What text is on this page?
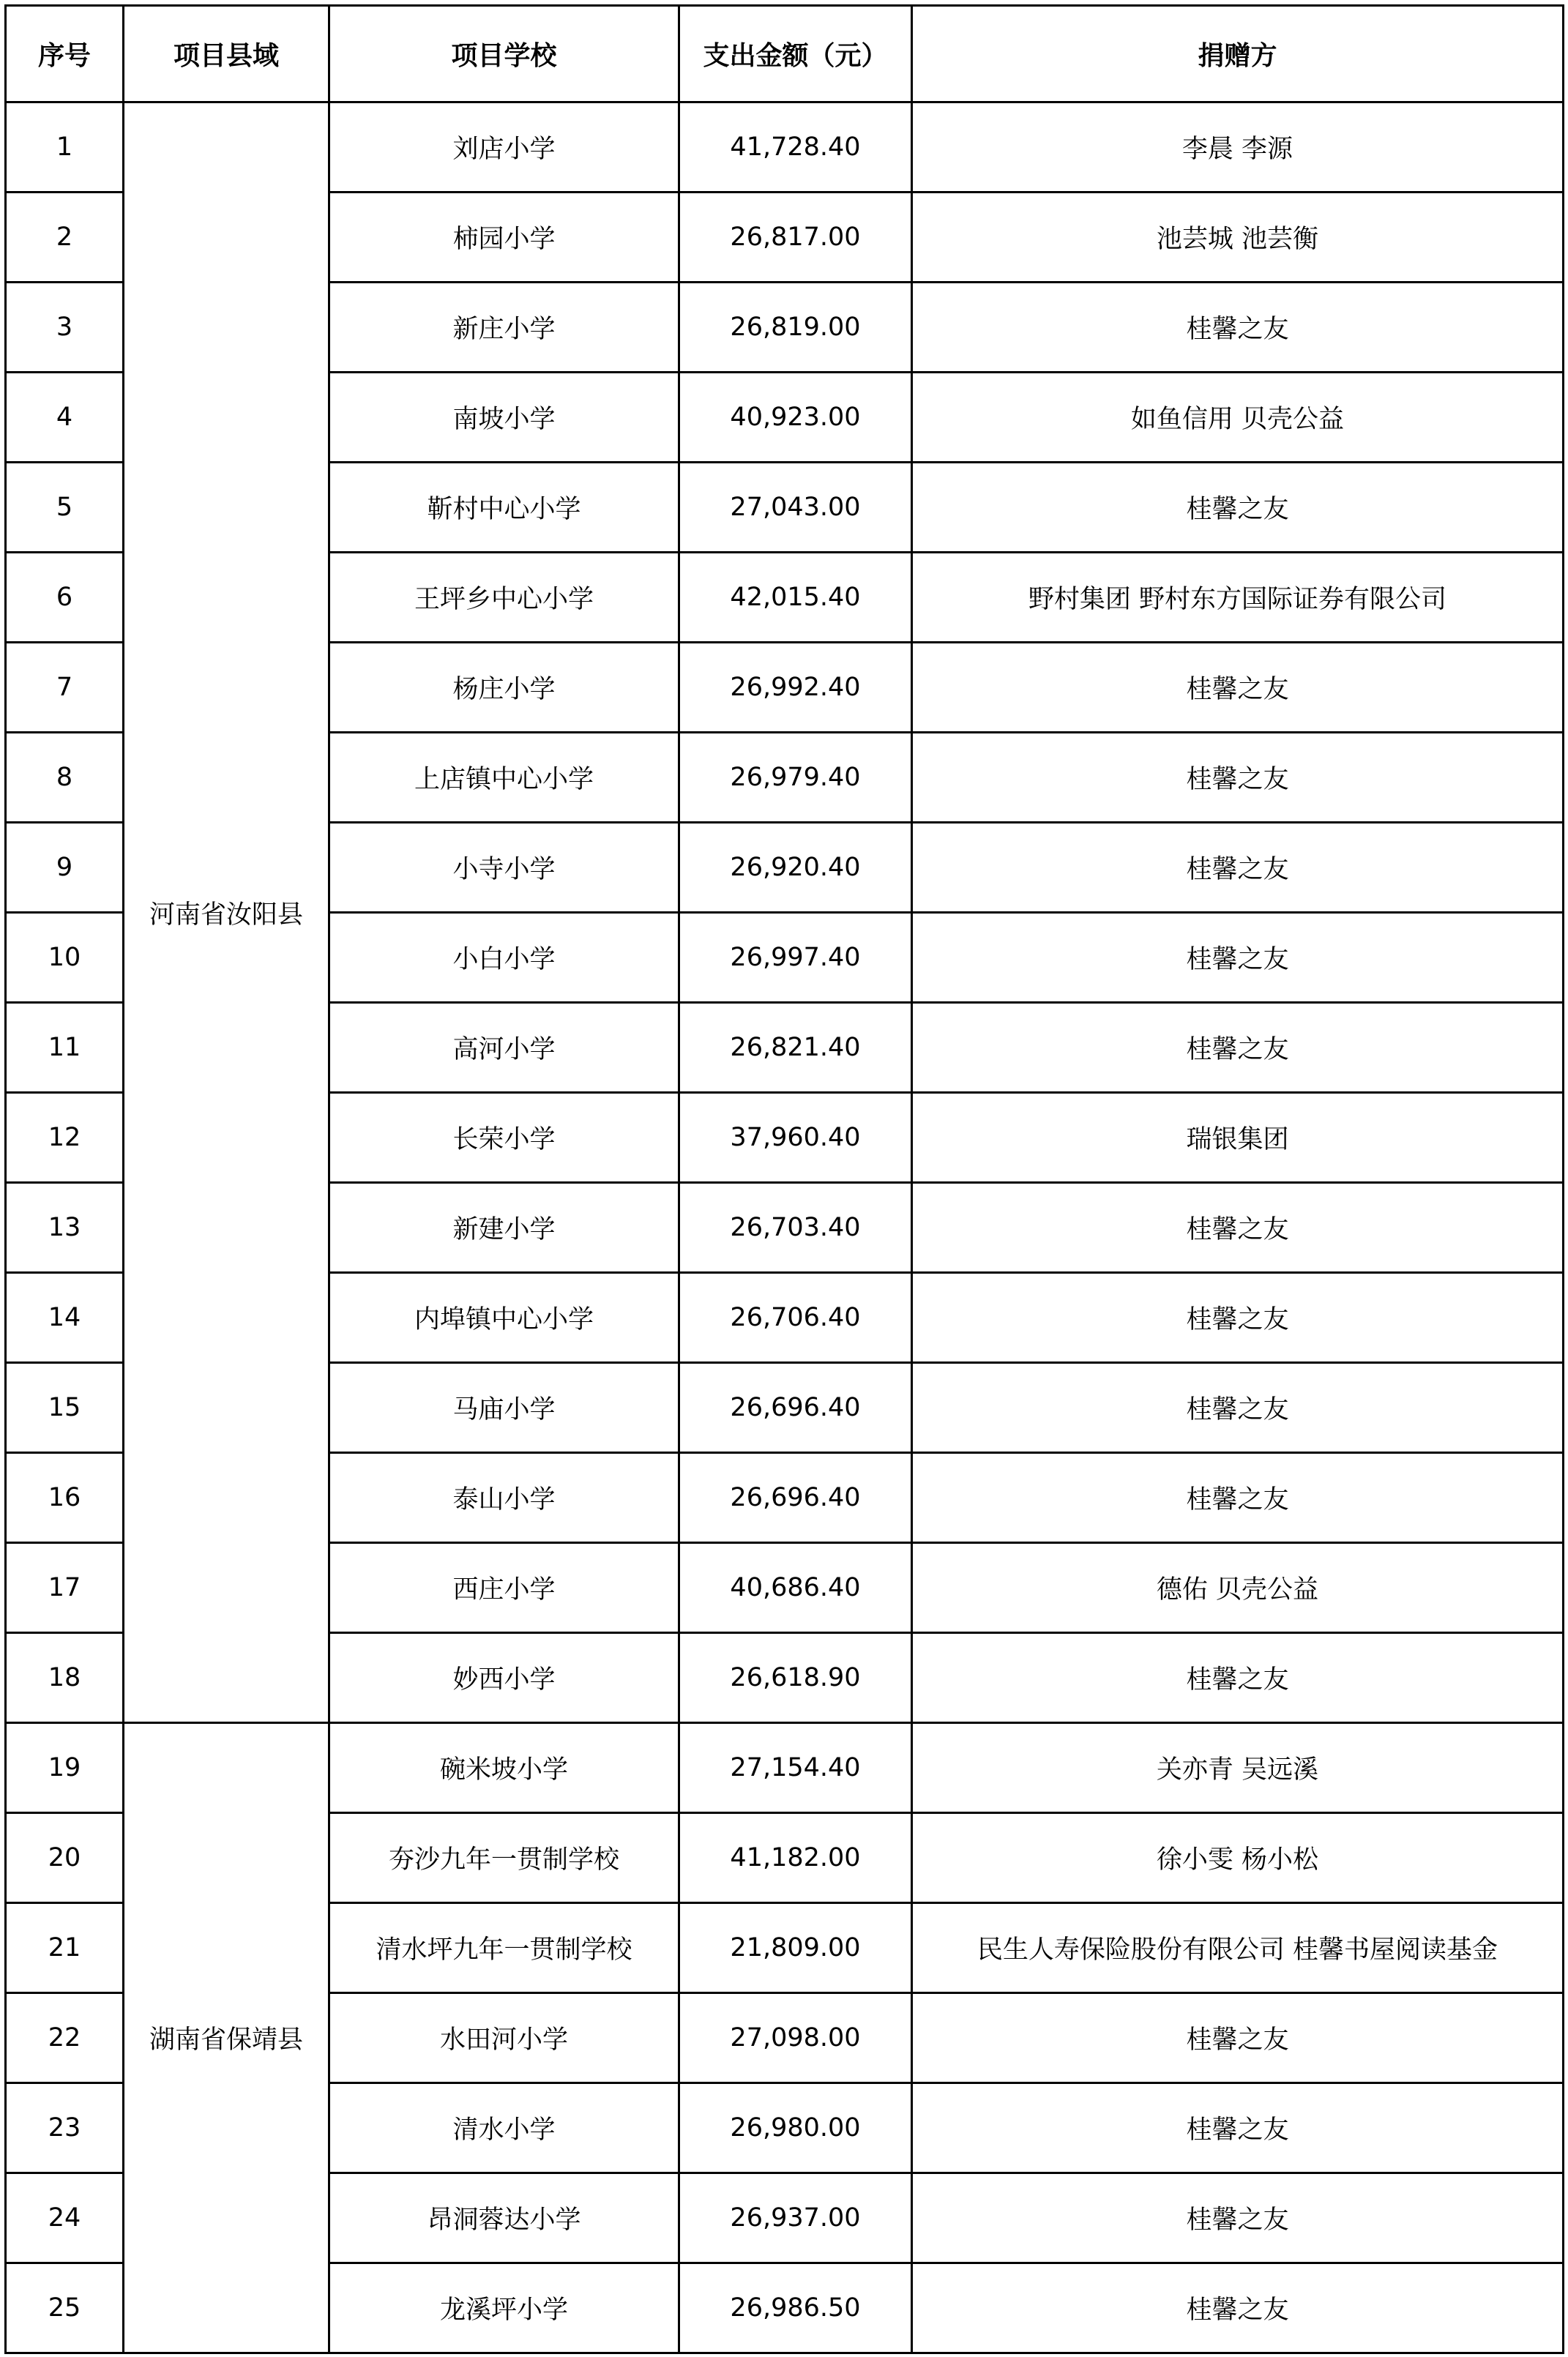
序号	项目县域	项目学校	支出金额（元）	捐赠方
1	河南省汝阳县	刘店小学	41,728.40	李晨 李源
2		柿园小学	26,817.00	池芸城 池芸衡
3		新庄小学	26,819.00	桂馨之友
4		南坡小学	40,923.00	如鱼信用 贝壳公益
5		靳村中心小学	27,043.00	桂馨之友
6		王坪乡中心小学	42,015.40	野村集团 野村东方国际证券有限公司
7		杨庄小学	26,992.40	桂馨之友
8		上店镇中心小学	26,979.40	桂馨之友
9		小寺小学	26,920.40	桂馨之友
10		小白小学	26,997.40	桂馨之友
11		高河小学	26,821.40	桂馨之友
12		长荣小学	37,960.40	瑞银集团
13		新建小学	26,703.40	桂馨之友
14		内埠镇中心小学	26,706.40	桂馨之友
15		马庙小学	26,696.40	桂馨之友
16		泰山小学	26,696.40	桂馨之友
17		西庄小学	40,686.40	德佑 贝壳公益
18		妙西小学	26,618.90	桂馨之友
19	湖南省保靖县	碗米坡小学	27,154.40	关亦青 吴远溪
20		夯沙九年一贯制学校	41,182.00	徐小雯 杨小松
21		清水坪九年一贯制学校	21,809.00	民生人寿保险股份有限公司 桂馨书屋阅读基金
22		水田河小学	27,098.00	桂馨之友
23		清水小学	26,980.00	桂馨之友
24		昂洞蓉达小学	26,937.00	桂馨之友
25		龙溪坪小学	26,986.50	桂馨之友
